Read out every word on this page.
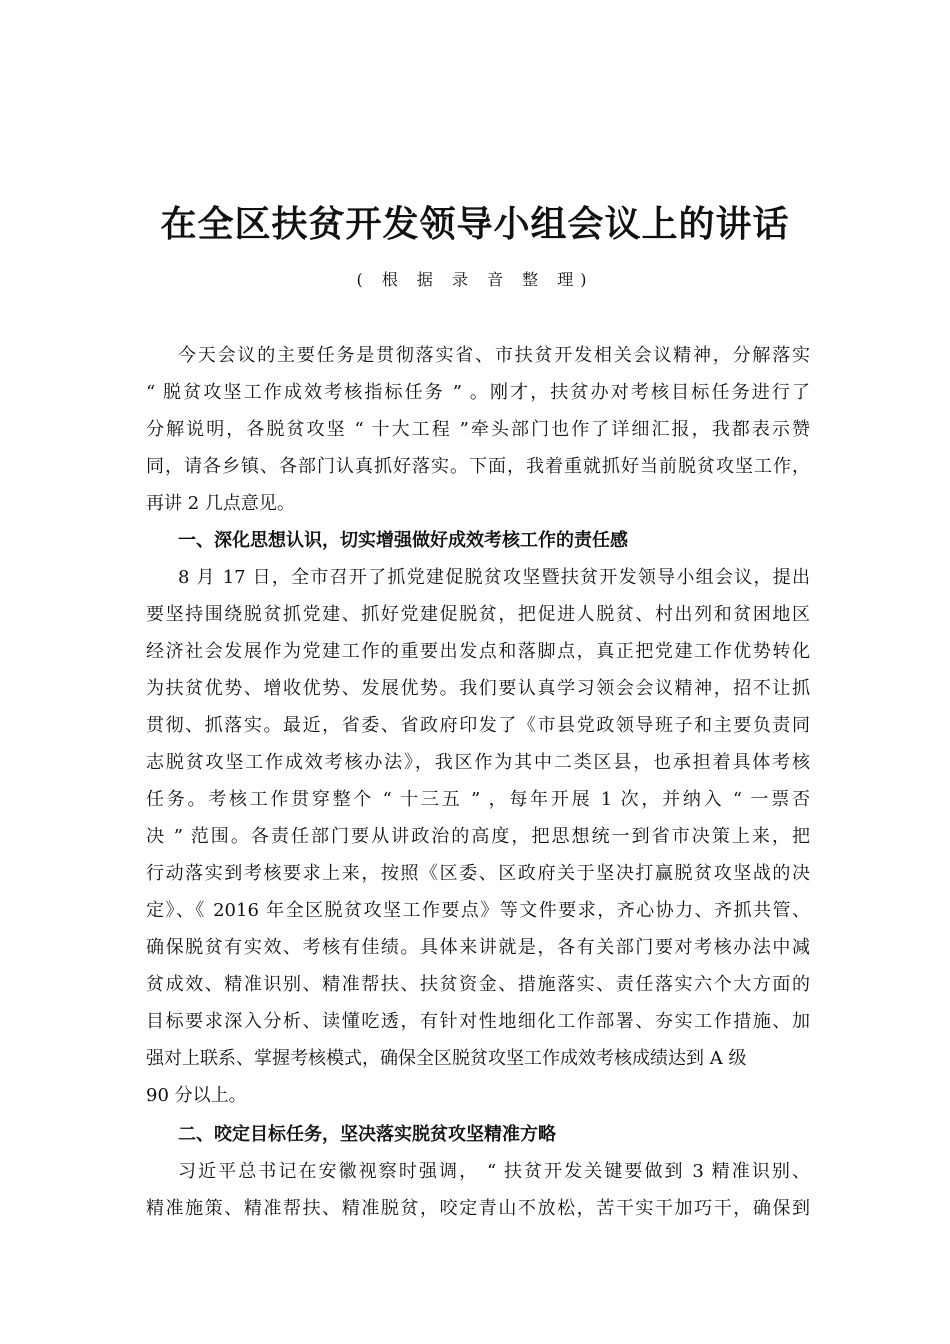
在全区扶贫开发领导小组会议上的讲话
( 根 据 录 音 整 理)
今天会议的主要任务是贯彻落实省、市扶贫开发相关会议精神，分解落实
“ 脱贫攻坚工作成效考核指标任务 ” 。刚才，扶贫办对考核目标任务进行了
分解说明，各脱贫攻坚 “ 十大工程 ”牵头部门也作了详细汇报，我都表示赞
同，请各乡镇、各部门认真抓好落实。下面，我着重就抓好当前脱贫攻坚工作，
再讲 2 几点意见。
一、深化思想认识，切实增强做好成效考核工作的责任感
8 月 17 日，全市召开了抓党建促脱贫攻坚暨扶贫开发领导小组会议，提出
要坚持围绕脱贫抓党建、抓好党建促脱贫，把促进人脱贫、村出列和贫困地区
经济社会发展作为党建工作的重要出发点和落脚点，真正把党建工作优势转化
为扶贫优势、增收优势、发展优势。我们要认真学习领会会议精神，招不让抓
贯彻、抓落实。最近，省委、省政府印发了《市县党政领导班子和主要负责同
志脱贫攻坚工作成效考核办法》，我区作为其中二类区县，也承担着具体考核
任务。考核工作贯穿整个 “ 十三五 ” ，每年开展 1 次，并纳入 “ 一票否
决 ” 范围。各责任部门要从讲政治的高度，把思想统一到省市决策上来，把
行动落实到考核要求上来，按照《区委、区政府关于坚决打赢脱贫攻坚战的决
定》、《 2016 年全区脱贫攻坚工作要点》等文件要求，齐心协力、齐抓共管、
确保脱贫有实效、考核有佳绩。具体来讲就是，各有关部门要对考核办法中减
贫成效、精准识别、精准帮扶、扶贫资金、措施落实、责任落实六个大方面的
目标要求深入分析、读懂吃透，有针对性地细化工作部署、夯实工作措施、加
强对上联系、掌握考核模式，确保全区脱贫攻坚工作成效考核成绩达到 A 级
90 分以上。
二、咬定目标任务，坚决落实脱贫攻坚精准方略
习近平总书记在安徽视察时强调， “ 扶贫开发关键要做到 3 精准识别、
精准施策、精准帮扶、精准脱贫，咬定青山不放松，苦干实干加巧干，确保到
